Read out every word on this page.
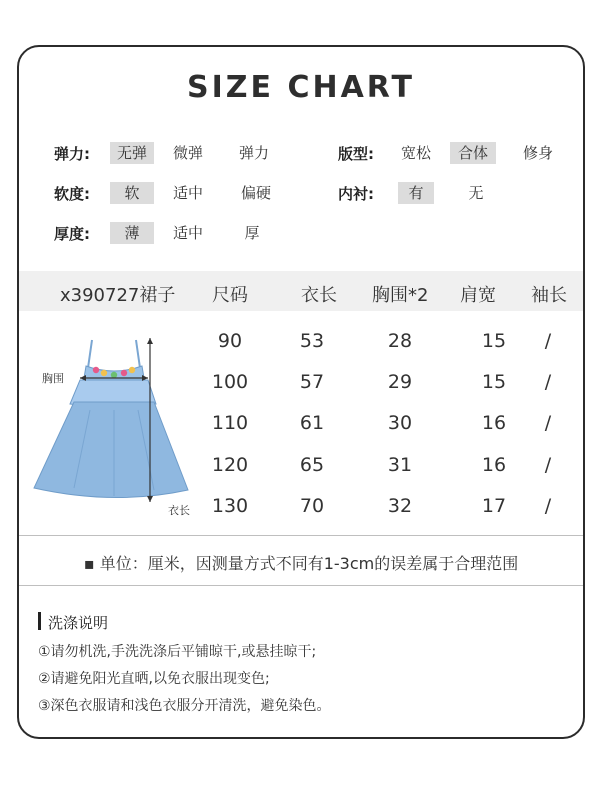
SIZE CHART
弹力:	无弹	微弹	弹力
软度:	软	适中	偏硬
厚度:	薄	适中	厚
版型:	宽松	合体	修身
内衬:	有	无
x390727裙子 尺码	衣长 胸围*2 肩宽 袖长
胸围
衣长
90	53	28	15	/
100	57	29	15	/
110	61	30	16	/
120	65	31	16	/
130	70	32	17	/
▪ 单位：厘米，因测量方式不同有1-3cm的误差属于合理范围
洗涤说明
①请勿机洗,手洗洗涤后平铺晾干,或悬挂晾干;
②请避免阳光直晒,以免衣服出现变色;
③深色衣服请和浅色衣服分开清洗，避免染色。
